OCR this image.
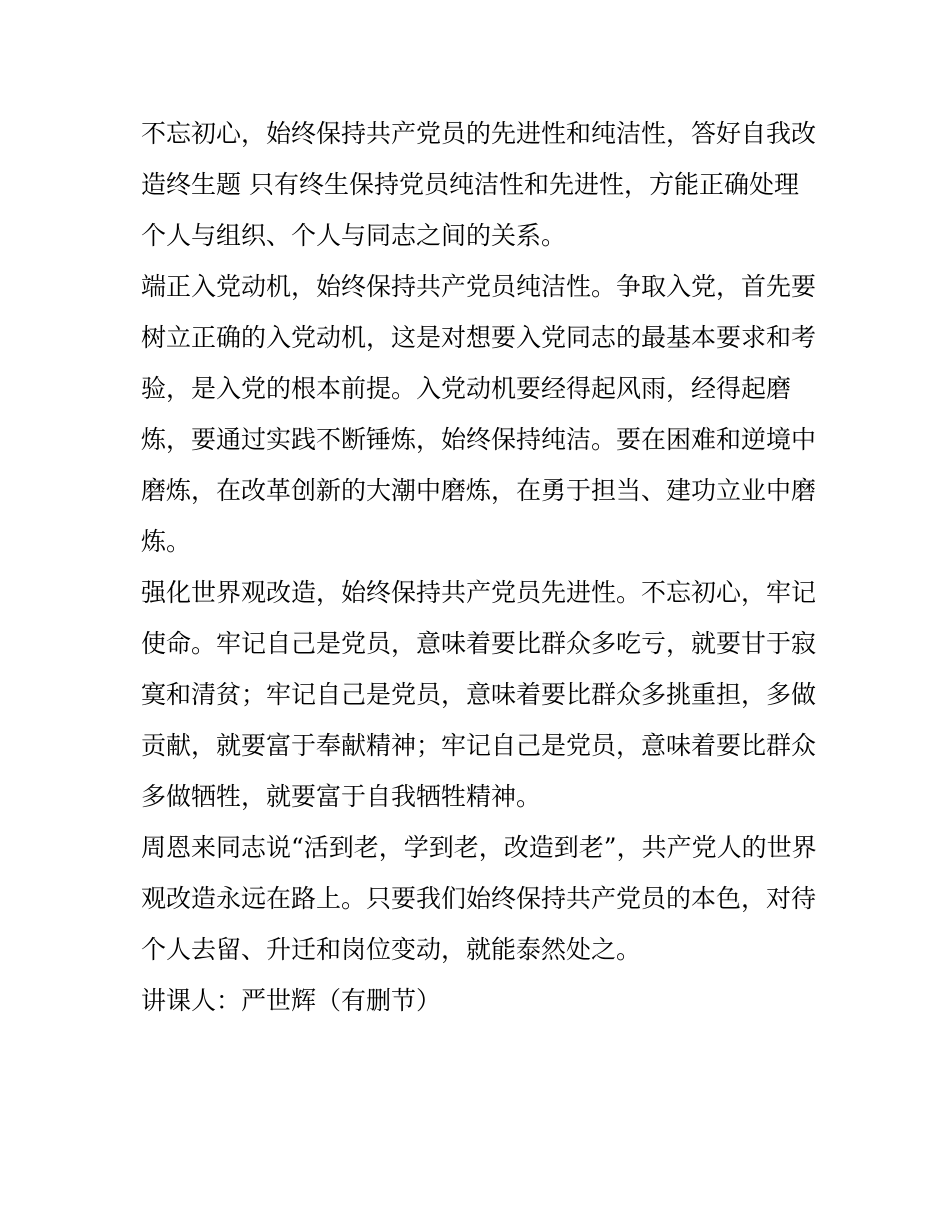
不忘初心，始终保持共产党员的先进性和纯洁性，答好自我改造终生题 只有终生保持党员纯洁性和先进性，方能正确处理个人与组织、个人与同志之间的关系。

端正入党动机，始终保持共产党员纯洁性。争取入党，首先要树立正确的入党动机，这是对想要入党同志的最基本要求和考验，是入党的根本前提。入党动机要经得起风雨，经得起磨炼，要通过实践不断锤炼，始终保持纯洁。要在困难和逆境中磨炼，在改革创新的大潮中磨炼，在勇于担当、建功立业中磨炼。

强化世界观改造，始终保持共产党员先进性。不忘初心，牢记使命。牢记自己是党员，意味着要比群众多吃亏，就要甘于寂寞和清贫；牢记自己是党员，意味着要比群众多挑重担，多做贡献，就要富于奉献精神；牢记自己是党员，意味着要比群众多做牺牲，就要富于自我牺牲精神。

周恩来同志说“活到老，学到老，改造到老”，共产党人的世界观改造永远在路上。只要我们始终保持共产党员的本色，对待个人去留、升迁和岗位变动，就能泰然处之。

讲课人：严世辉（有删节）
